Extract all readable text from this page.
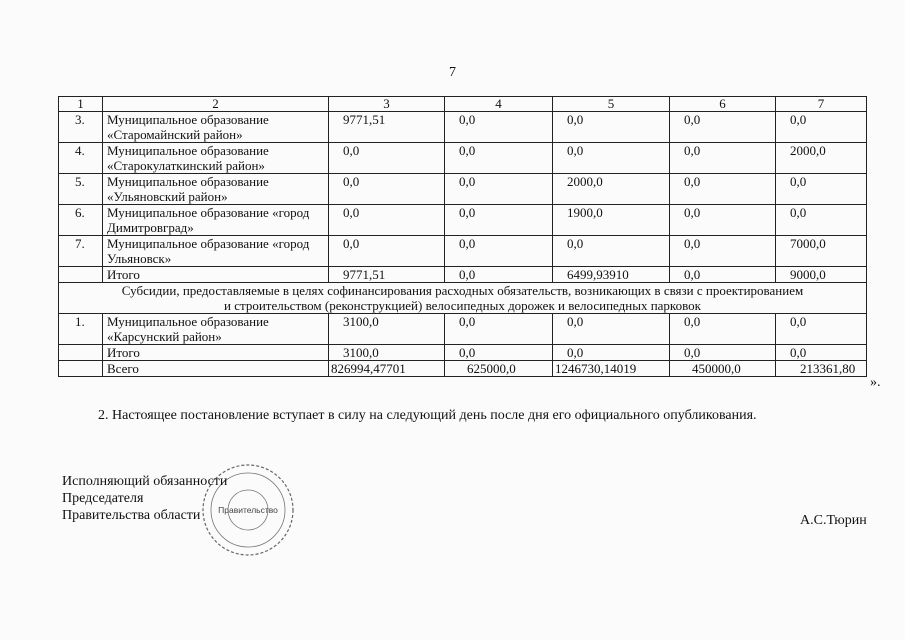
7
1	2	3	4	5	6	7
3.	Муниципальное образование «Старомайнский район»	9771,51	0,0	0,0	0,0	0,0
4.	Муниципальное образование «Старокулаткинский район»	0,0	0,0	0,0	0,0	2000,0
5.	Муниципальное образование «Ульяновский район»	0,0	0,0	2000,0	0,0	0,0
6.	Муниципальное образование «город Димитровград»	0,0	0,0	1900,0	0,0	0,0
7.	Муниципальное образование «город Ульяновск»	0,0	0,0	0,0	0,0	7000,0
	Итого	9771,51	0,0	6499,93910	0,0	9000,0
Субсидии, предоставляемые в целях софинансирования расходных обязательств, возникающих в связи с проектированием и строительством (реконструкцией) велосипедных дорожек и велосипедных парковок						
1.	Муниципальное образование «Карсунский район»	3100,0	0,0	0,0	0,0	0,0
	Итого	3100,0	0,0	0,0	0,0	0,0
	Всего	826994,47701	625000,0	1246730,14019	450000,0	213361,80
».
2. Настоящее постановление вступает в силу на следующий день после дня его официального опубликования.
Правительство
Исполняющий обязанности
Председателя
Правительства области	А.С.Тюрин
